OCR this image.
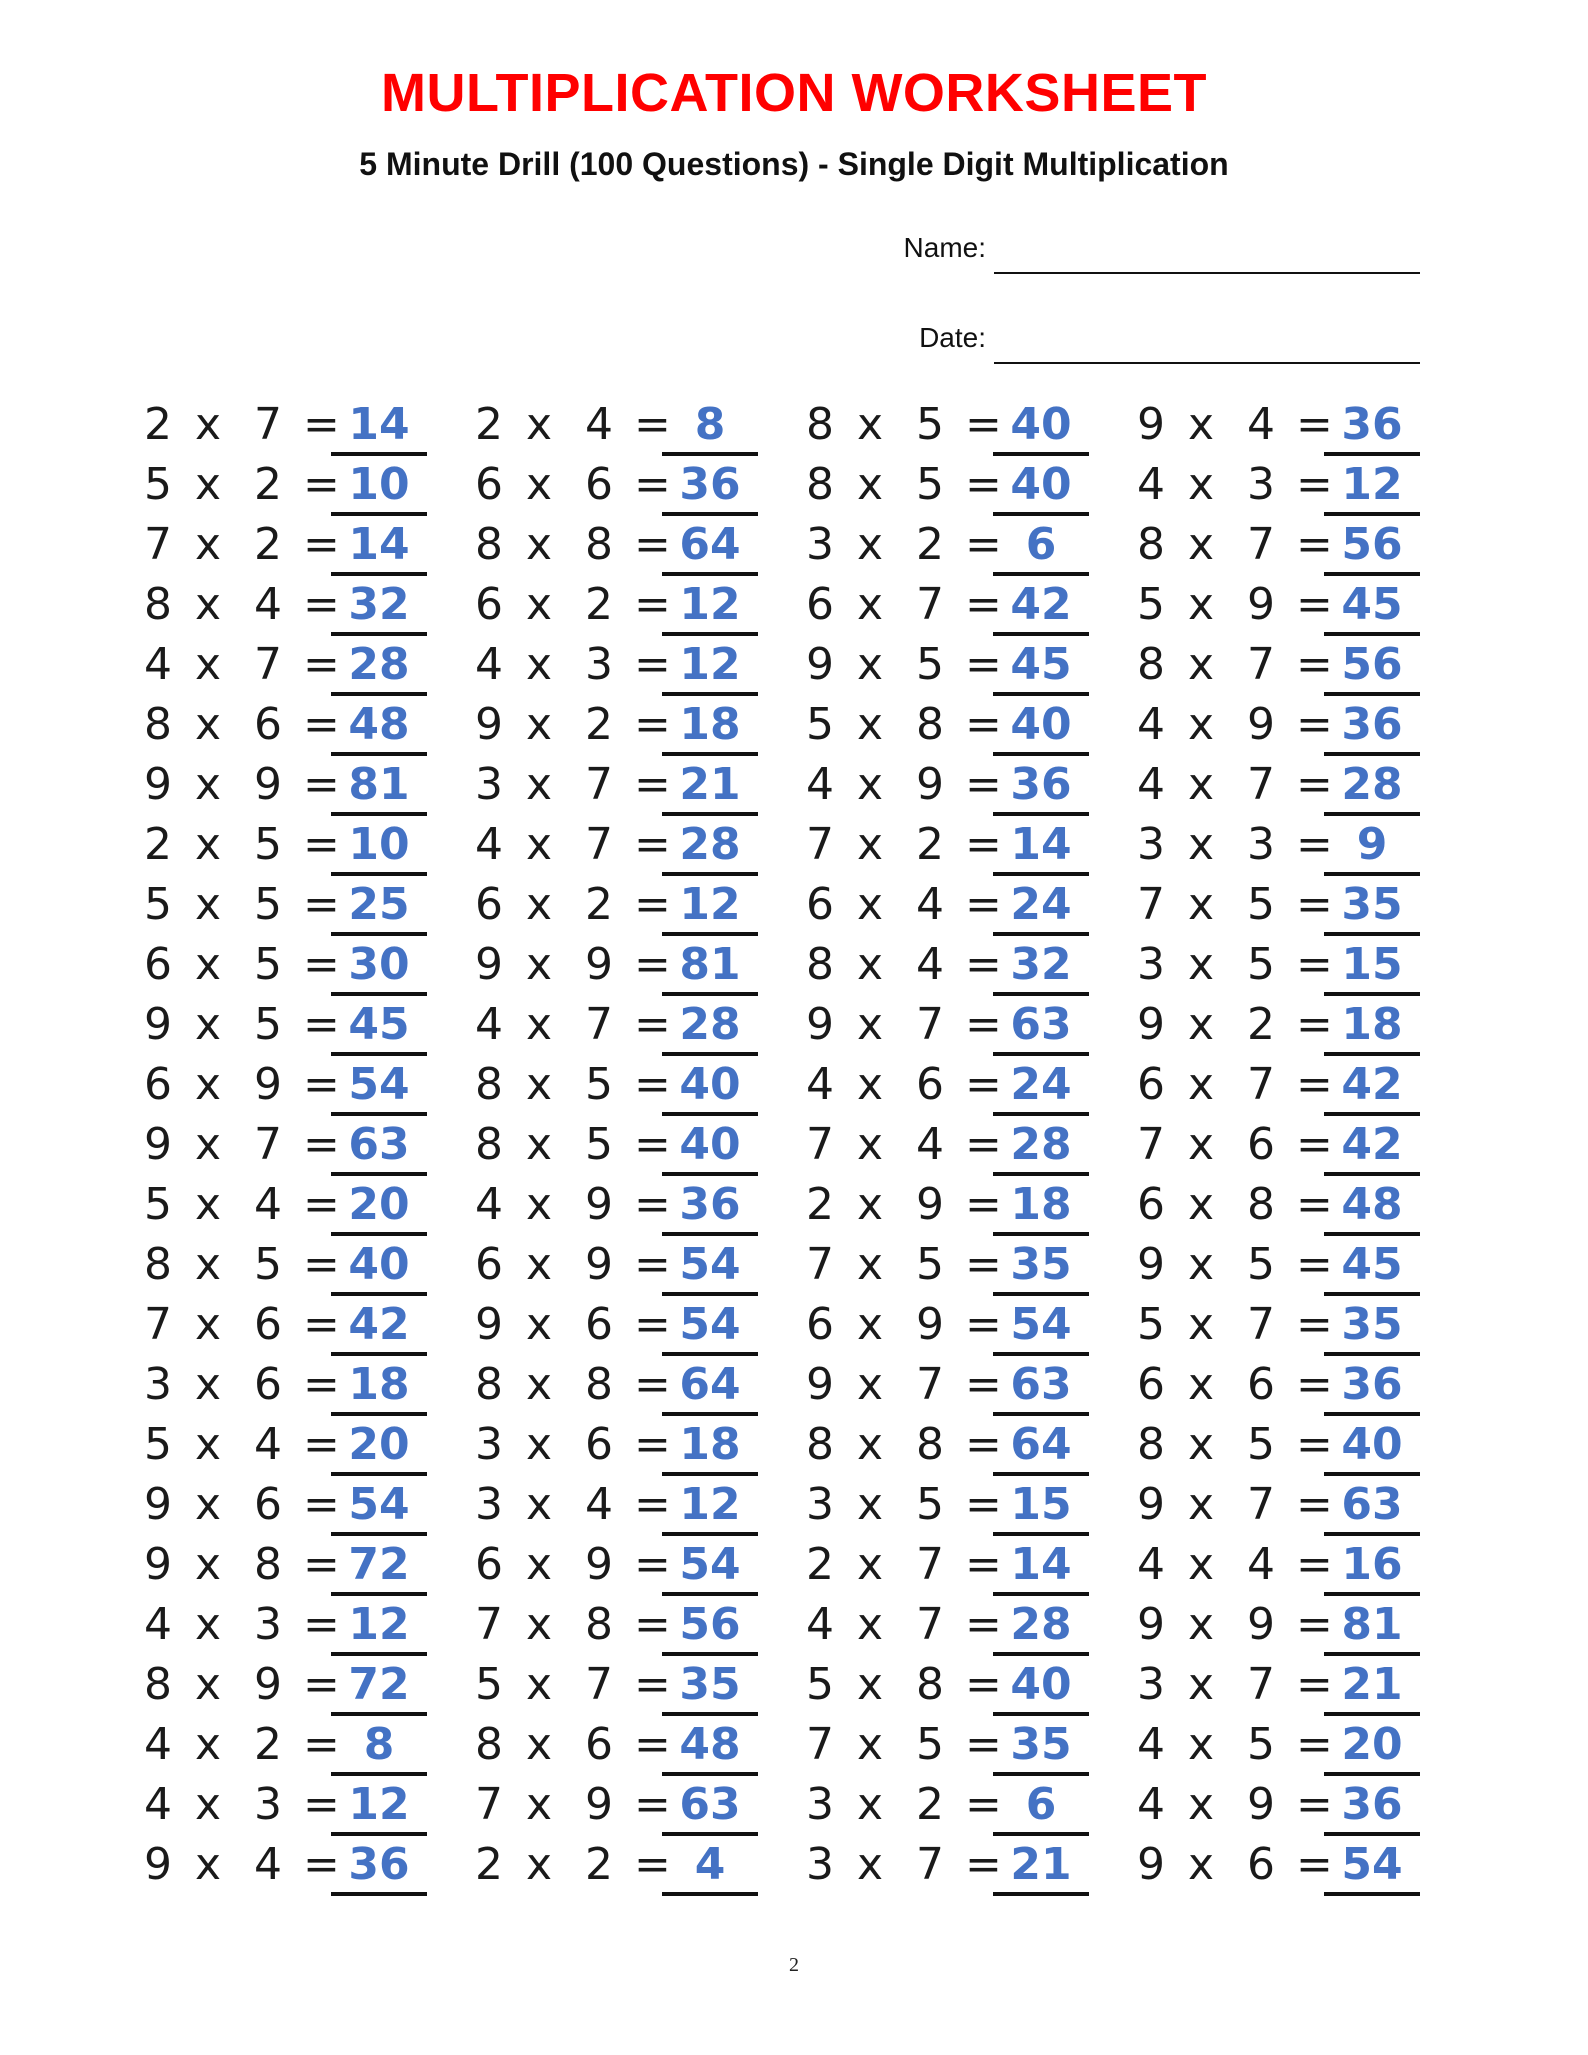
MULTIPLICATION WORKSHEET
5 Minute Drill (100 Questions) - Single Digit Multiplication
Name:
Date:
2 x 7 = 14
5 x 2 = 10
7 x 2 = 14
8 x 4 = 32
4 x 7 = 28
8 x 6 = 48
9 x 9 = 81
2 x 5 = 10
5 x 5 = 25
6 x 5 = 30
9 x 5 = 45
6 x 9 = 54
9 x 7 = 63
5 x 4 = 20
8 x 5 = 40
7 x 6 = 42
3 x 6 = 18
5 x 4 = 20
9 x 6 = 54
9 x 8 = 72
4 x 3 = 12
8 x 9 = 72
4 x 2 = 8
4 x 3 = 12
9 x 4 = 36
2 x 4 = 8
6 x 6 = 36
8 x 8 = 64
6 x 2 = 12
4 x 3 = 12
9 x 2 = 18
3 x 7 = 21
4 x 7 = 28
6 x 2 = 12
9 x 9 = 81
4 x 7 = 28
8 x 5 = 40
8 x 5 = 40
4 x 9 = 36
6 x 9 = 54
9 x 6 = 54
8 x 8 = 64
3 x 6 = 18
3 x 4 = 12
6 x 9 = 54
7 x 8 = 56
5 x 7 = 35
8 x 6 = 48
7 x 9 = 63
2 x 2 = 4
8 x 5 = 40
8 x 5 = 40
3 x 2 = 6
6 x 7 = 42
9 x 5 = 45
5 x 8 = 40
4 x 9 = 36
7 x 2 = 14
6 x 4 = 24
8 x 4 = 32
9 x 7 = 63
4 x 6 = 24
7 x 4 = 28
2 x 9 = 18
7 x 5 = 35
6 x 9 = 54
9 x 7 = 63
8 x 8 = 64
3 x 5 = 15
2 x 7 = 14
4 x 7 = 28
5 x 8 = 40
7 x 5 = 35
3 x 2 = 6
3 x 7 = 21
9 x 4 = 36
4 x 3 = 12
8 x 7 = 56
5 x 9 = 45
8 x 7 = 56
4 x 9 = 36
4 x 7 = 28
3 x 3 = 9
7 x 5 = 35
3 x 5 = 15
9 x 2 = 18
6 x 7 = 42
7 x 6 = 42
6 x 8 = 48
9 x 5 = 45
5 x 7 = 35
6 x 6 = 36
8 x 5 = 40
9 x 7 = 63
4 x 4 = 16
9 x 9 = 81
3 x 7 = 21
4 x 5 = 20
4 x 9 = 36
9 x 6 = 54
2
